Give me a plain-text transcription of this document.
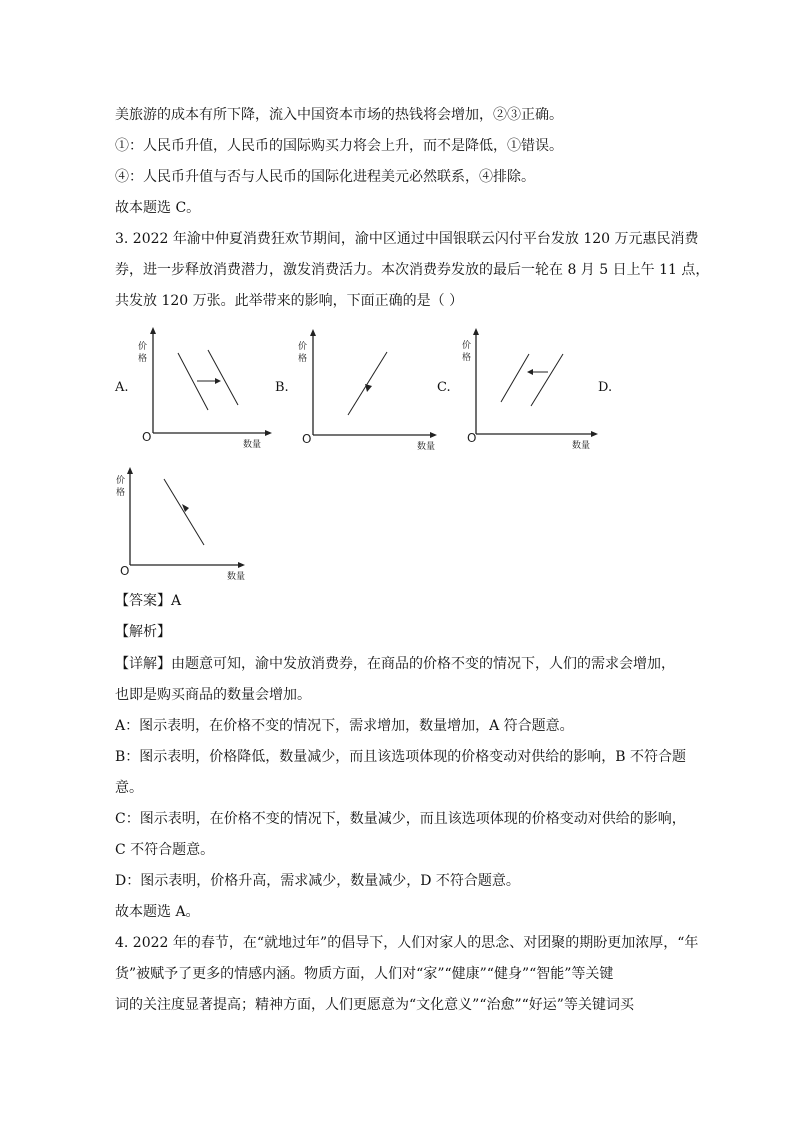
美旅游的成本有所下降，流入中国资本市场的热钱将会增加，②③正确。
①：人民币升值，人民币的国际购买力将会上升，而不是降低，①错误。
④：人民币升值与否与人民币的国际化进程美元必然联系，④排除。
故本题选 C。
3. 2022 年渝中仲夏消费狂欢节期间，渝中区通过中国银联云闪付平台发放 120 万元惠民消费
券，进一步释放消费潜力，激发消费活力。本次消费券发放的最后一轮在 8 月 5 日上午 11 点，
共发放 120 万张。此举带来的影响，下面正确的是（ ）
A.	B.	C.	D.
价
格
数量
O
价
格
数量
O
价
格
数量
O
价
格
数量
O
【答案】A
【解析】
【详解】由题意可知，渝中发放消费券，在商品的价格不变的情况下，人们的需求会增加，
也即是购买商品的数量会增加。
A：图示表明，在价格不变的情况下，需求增加，数量增加，A 符合题意。
B：图示表明，价格降低，数量减少，而且该选项体现的价格变动对供给的影响，B 不符合题
意。
C：图示表明，在价格不变的情况下，数量减少，而且该选项体现的价格变动对供给的影响，
C 不符合题意。
D：图示表明，价格升高，需求减少，数量减少，D 不符合题意。
故本题选 A。
4. 2022 年的春节，在“就地过年”的倡导下，人们对家人的思念、对团聚的期盼更加浓厚，“年
货”被赋予了更多的情感内涵。物质方面，人们对“家”“健康”“健身”“智能”等关键
词的关注度显著提高；精神方面，人们更愿意为“文化意义”“治愈”“好运”等关键词买
